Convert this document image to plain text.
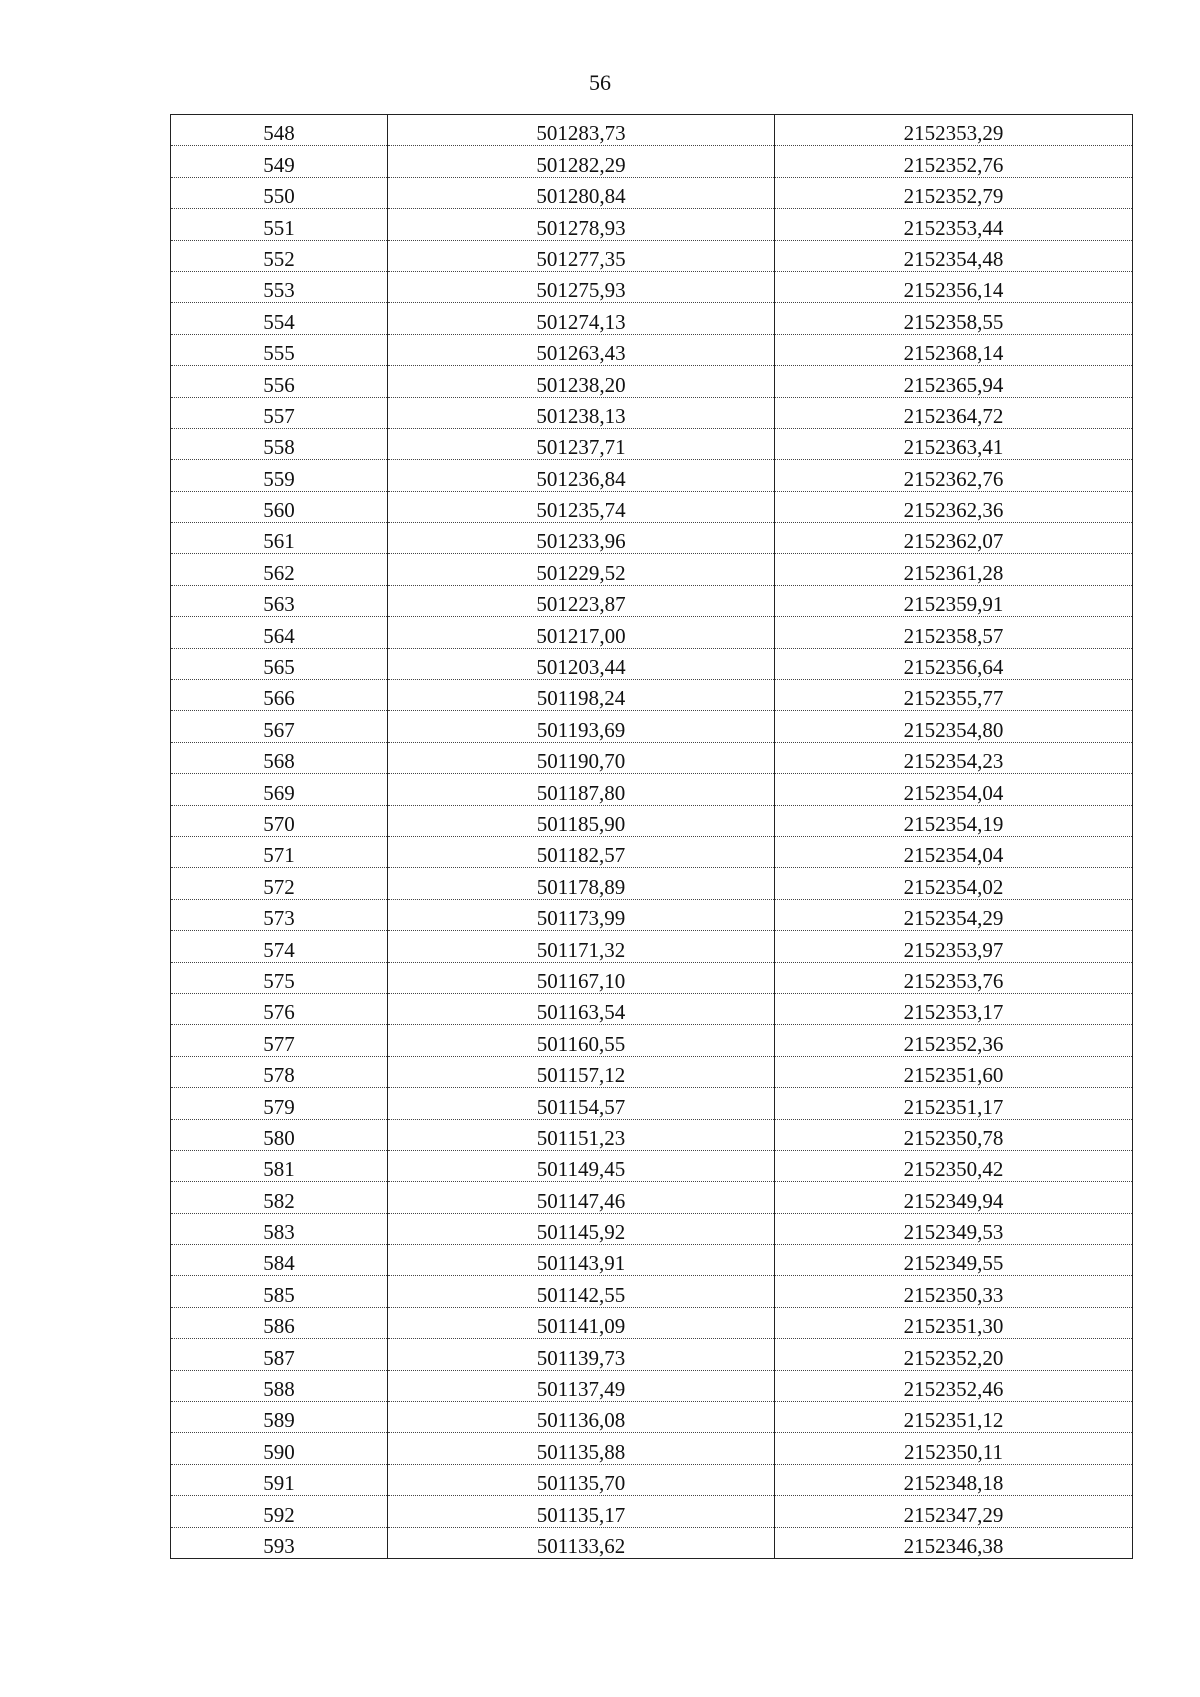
56
548	501283,73	2152353,29
549	501282,29	2152352,76
550	501280,84	2152352,79
551	501278,93	2152353,44
552	501277,35	2152354,48
553	501275,93	2152356,14
554	501274,13	2152358,55
555	501263,43	2152368,14
556	501238,20	2152365,94
557	501238,13	2152364,72
558	501237,71	2152363,41
559	501236,84	2152362,76
560	501235,74	2152362,36
561	501233,96	2152362,07
562	501229,52	2152361,28
563	501223,87	2152359,91
564	501217,00	2152358,57
565	501203,44	2152356,64
566	501198,24	2152355,77
567	501193,69	2152354,80
568	501190,70	2152354,23
569	501187,80	2152354,04
570	501185,90	2152354,19
571	501182,57	2152354,04
572	501178,89	2152354,02
573	501173,99	2152354,29
574	501171,32	2152353,97
575	501167,10	2152353,76
576	501163,54	2152353,17
577	501160,55	2152352,36
578	501157,12	2152351,60
579	501154,57	2152351,17
580	501151,23	2152350,78
581	501149,45	2152350,42
582	501147,46	2152349,94
583	501145,92	2152349,53
584	501143,91	2152349,55
585	501142,55	2152350,33
586	501141,09	2152351,30
587	501139,73	2152352,20
588	501137,49	2152352,46
589	501136,08	2152351,12
590	501135,88	2152350,11
591	501135,70	2152348,18
592	501135,17	2152347,29
593	501133,62	2152346,38
